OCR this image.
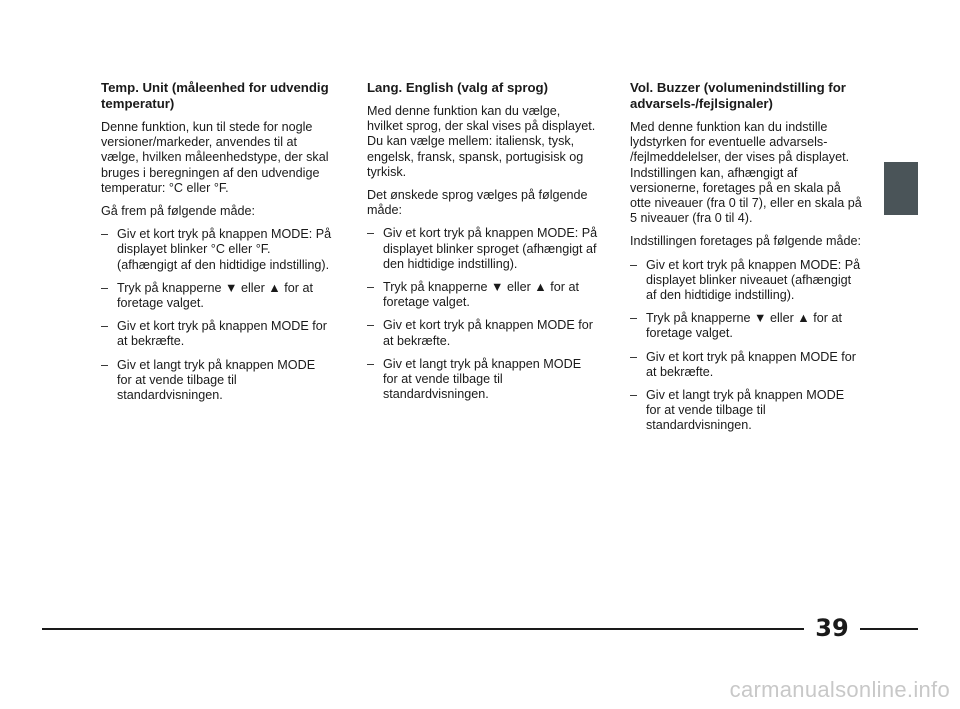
Temp. Unit (måleenhed for udvendig temperatur)

Denne funktion, kun til stede for nogle versioner/markeder, anvendes til at vælge, hvilken måleenhedstype, der skal bruges i beregningen af den udvendige temperatur: °C eller °F.

Gå frem på følgende måde:

– Giv et kort tryk på knappen MODE: På displayet blinker °C eller °F. (afhængigt af den hidtidige indstilling).
– Tryk på knapperne ▼ eller ▲ for at foretage valget.
– Giv et kort tryk på knappen MODE for at bekræfte.
– Giv et langt tryk på knappen MODE for at vende tilbage til standardvisningen.
Lang. English (valg af sprog)

Med denne funktion kan du vælge, hvilket sprog, der skal vises på displayet. Du kan vælge mellem: italiensk, tysk, engelsk, fransk, spansk, portugisisk og tyrkisk.

Det ønskede sprog vælges på følgende måde:

– Giv et kort tryk på knappen MODE: På displayet blinker sproget (afhængigt af den hidtidige indstilling).
– Tryk på knapperne ▼ eller ▲ for at foretage valget.
– Giv et kort tryk på knappen MODE for at bekræfte.
– Giv et langt tryk på knappen MODE for at vende tilbage til standardvisningen.
Vol. Buzzer (volumenindstilling for advarsels-/fejlsignaler)

Med denne funktion kan du indstille lydstyrken for eventuelle advarsels- /fejlmeddelelser, der vises på displayet. Indstillingen kan, afhængigt af versionerne, foretages på en skala på otte niveauer (fra 0 til 7), eller en skala på 5 niveauer (fra 0 til 4).

Indstillingen foretages på følgende måde:

– Giv et kort tryk på knappen MODE: På displayet blinker niveauet (afhængigt af den hidtidige indstilling).
– Tryk på knapperne ▼ eller ▲ for at foretage valget.
– Giv et kort tryk på knappen MODE for at bekræfte.
– Giv et langt tryk på knappen MODE for at vende tilbage til standardvisningen.
39
carmanualsonline.info
